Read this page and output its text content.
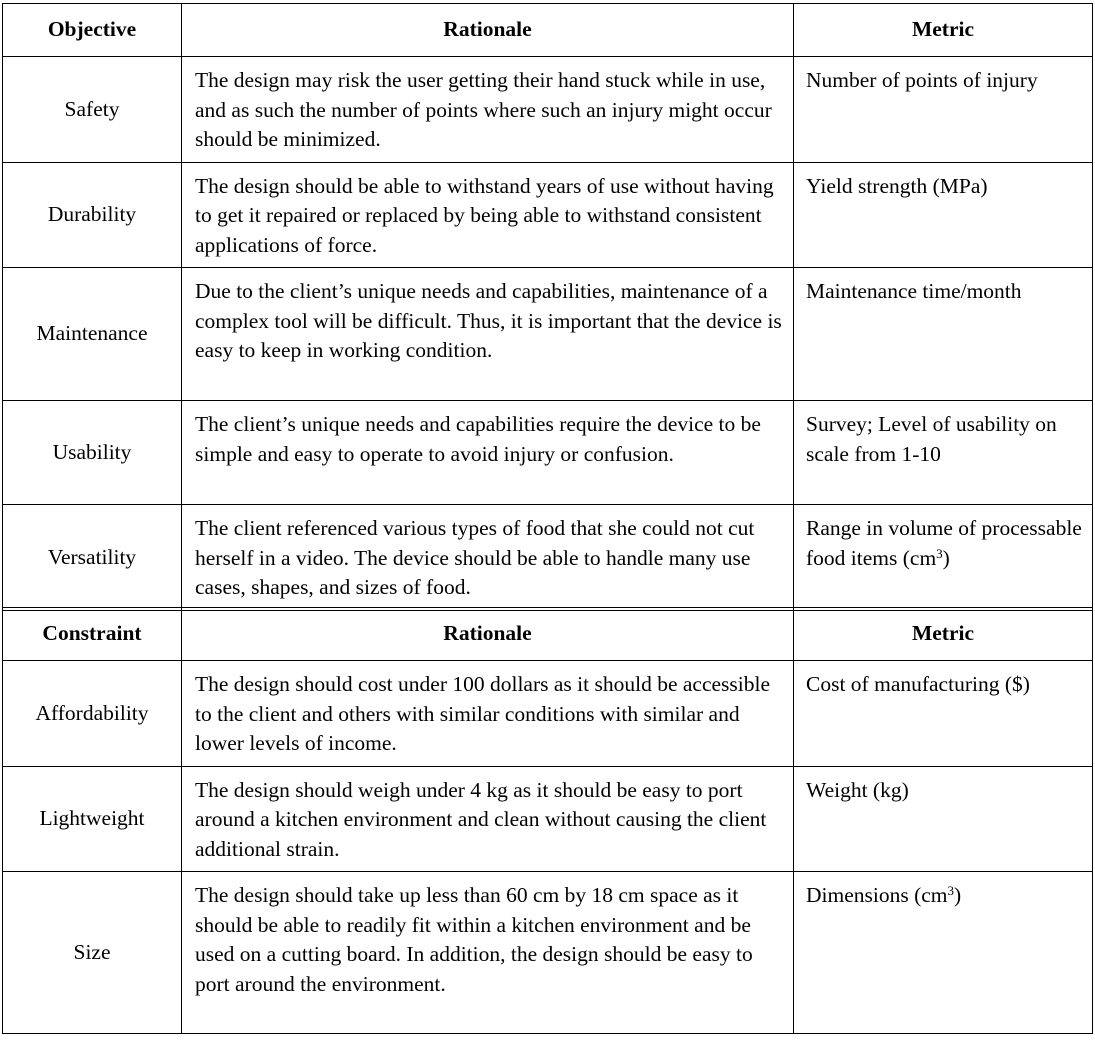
Objective	Rationale	Metric
Safety	The design may risk the user getting their hand stuck while in use, and as such the number of points where such an injury might occur should be minimized.	Number of points of injury
Durability	The design should be able to withstand years of use without having to get it repaired or replaced by being able to withstand consistent applications of force.	Yield strength (MPa)
Maintenance	Due to the client’s unique needs and capabilities, maintenance of a complex tool will be difficult. Thus, it is important that the device is easy to keep in working condition.	Maintenance time/month
Usability	The client’s unique needs and capabilities require the device to be simple and easy to operate to avoid injury or confusion.	Survey; Level of usability on scale from 1-10
Versatility	The client referenced various types of food that she could not cut herself in a video. The device should be able to handle many use cases, shapes, and sizes of food.	Range in volume of processable food items $(cm^3)$
Constraint	Rationale	Metric
Affordability	The design should cost under 100 dollars as it should be accessible to the client and others with similar conditions with similar and lower levels of income.	Cost of manufacturing ($)
Lightweight	The design should weigh under 4 kg as it should be easy to port around a kitchen environment and clean without causing the client additional strain.	Weight (kg)
Size	The design should take up less than 60 cm by 18 cm space as it should be able to readily fit within a kitchen environment and be used on a cutting board. In addition, the design should be easy to port around the environment.	Dimensions $(cm^3)$
